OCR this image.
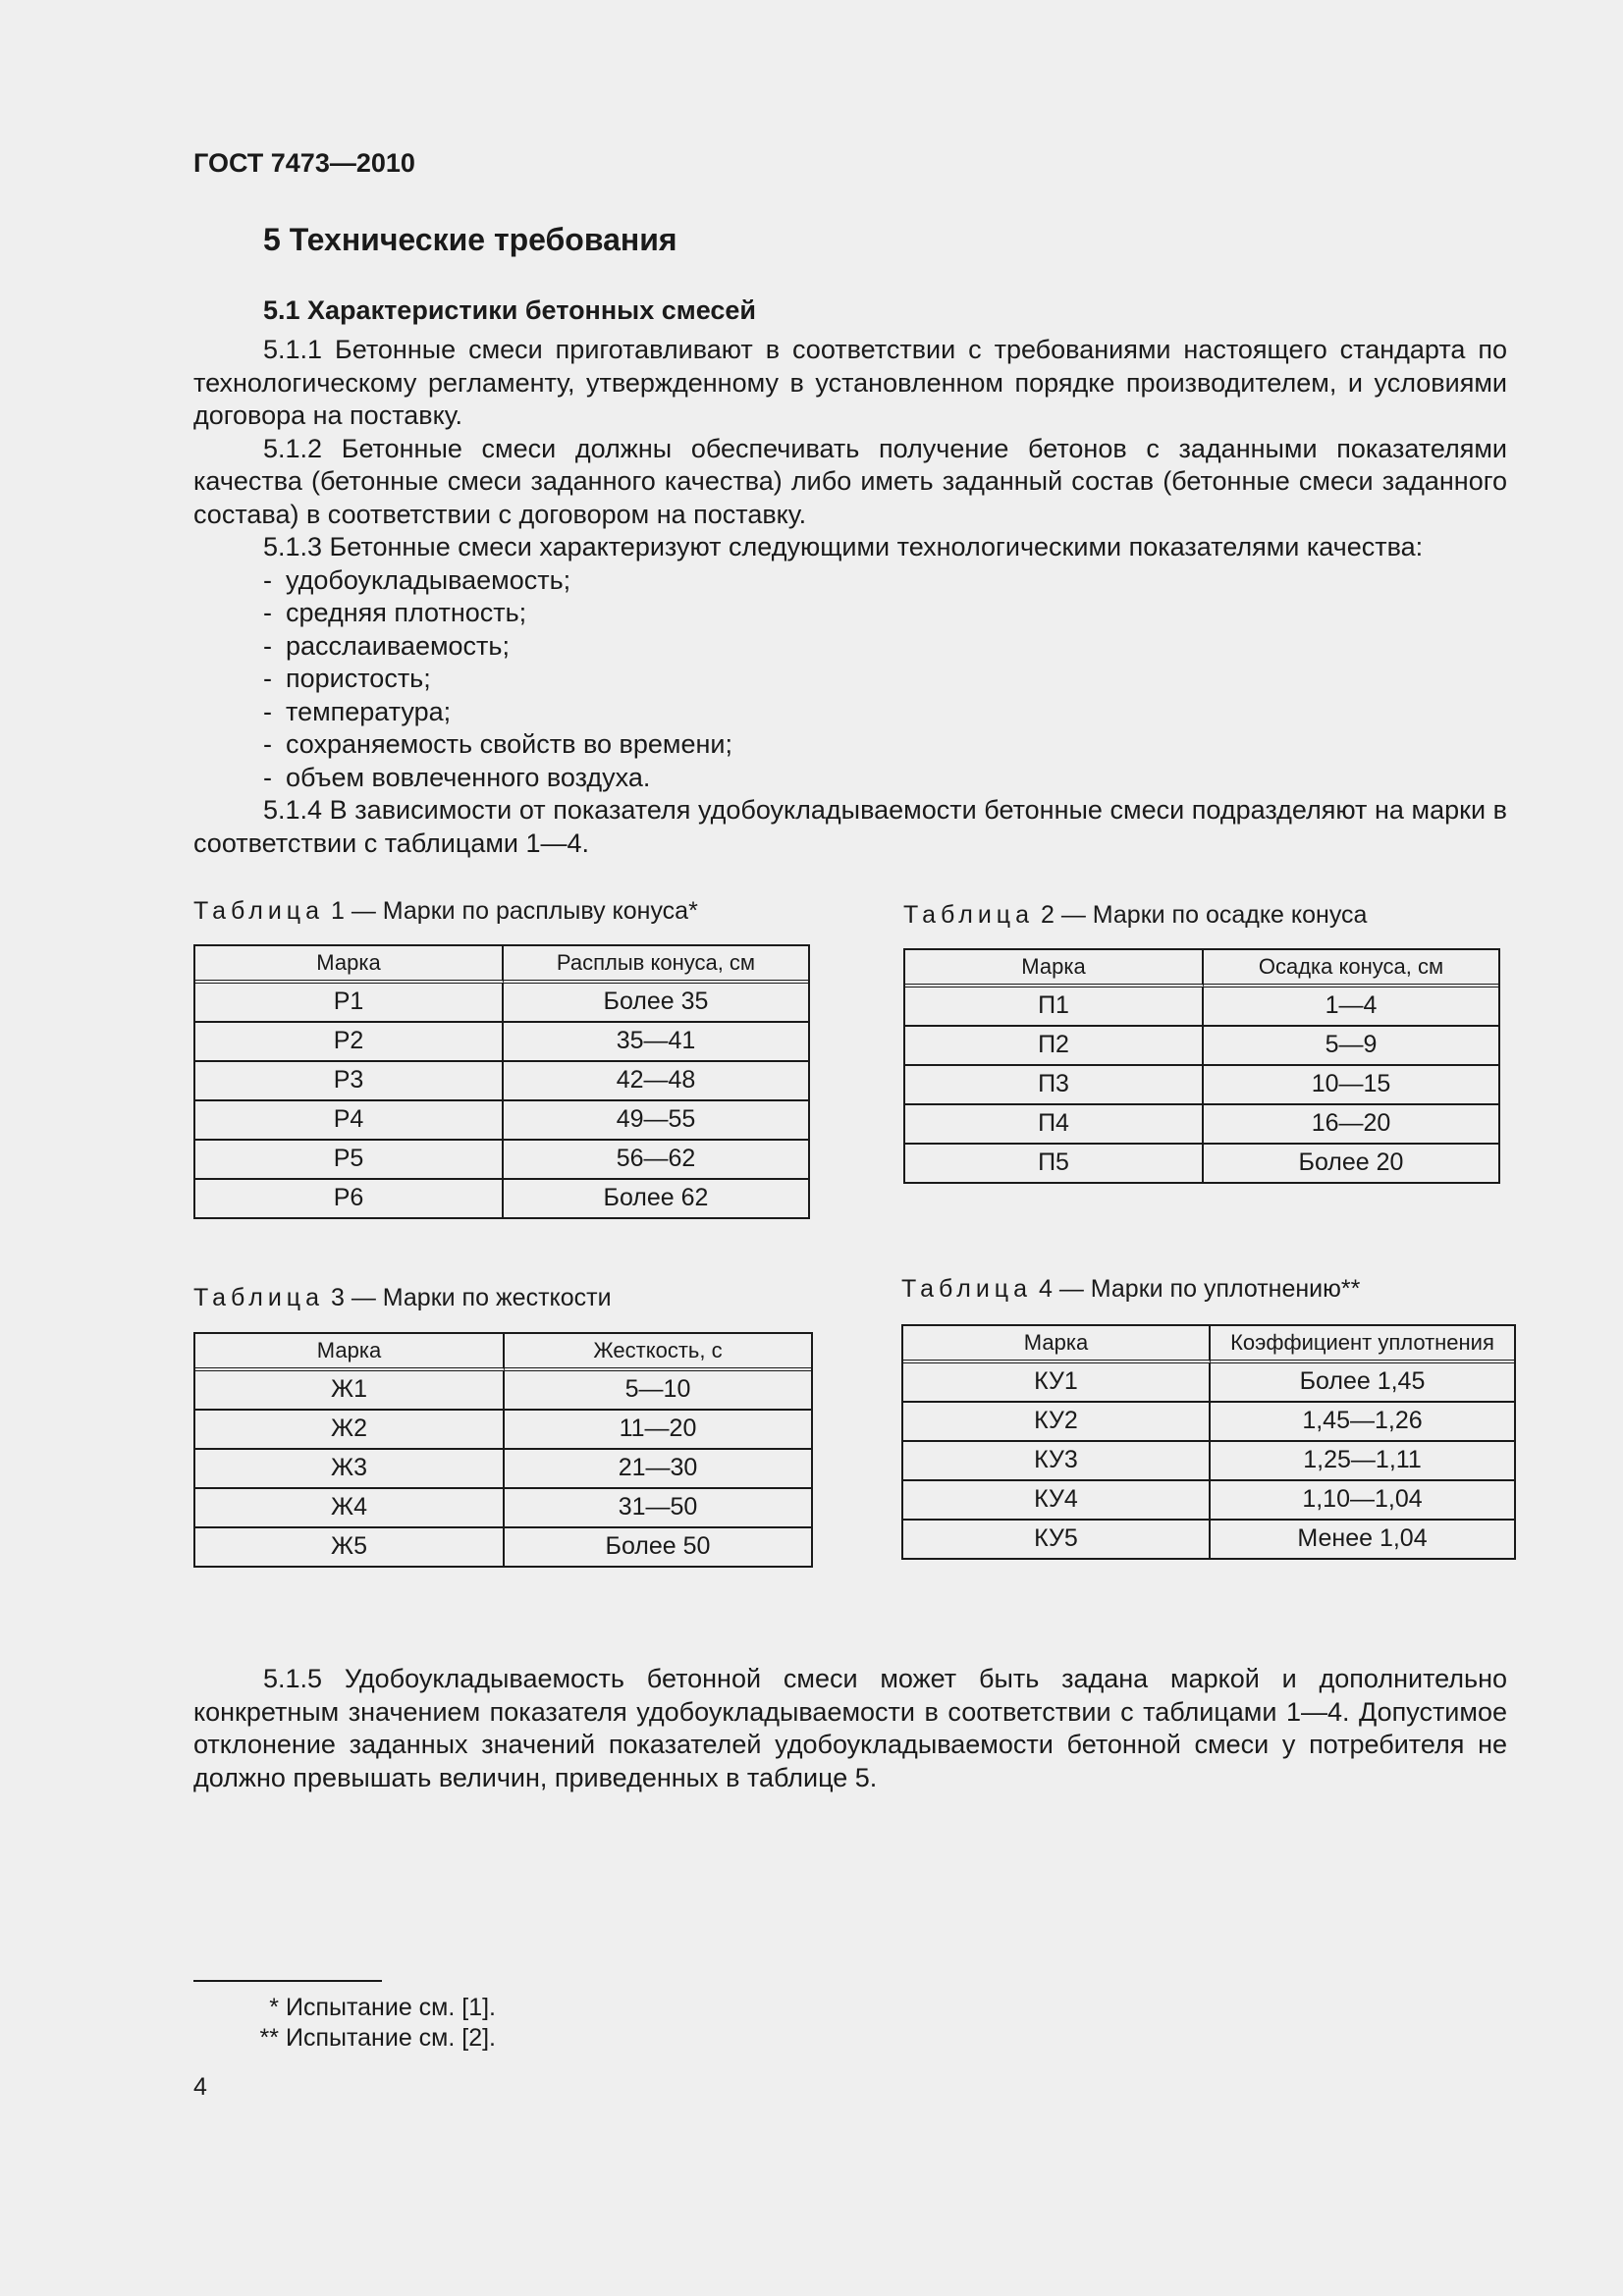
ГОСТ 7473—2010
5 Технические требования
5.1 Характеристики бетонных смесей

5.1.1 Бетонные смеси приготавливают в соответствии с требованиями настоящего стандарта по технологическому регламенту, утвержденному в установленном порядке производителем, и условиями договора на поставку.

5.1.2 Бетонные смеси должны обеспечивать получение бетонов с заданными показателями качества (бетонные смеси заданного качества) либо иметь заданный состав (бетонные смеси заданного состава) в соответствии с договором на поставку.

5.1.3 Бетонные смеси характеризуют следующими технологическими показателями качества:

- удобоукладываемость;
- средняя плотность;
- расслаиваемость;
- пористость;
- температура;
- сохраняемость свойств во времени;
- объем вовлеченного воздуха.

5.1.4 В зависимости от показателя удобоукладываемости бетонные смеси подразделяют на марки в соответствии с таблицами 1—4.

Таблица 1 — Марки по расплыву конуса*
Марка	Расплыв конуса, см
Р1	Более 35
Р2	35—41
Р3	42—48
Р4	49—55
Р5	56—62
Р6	Более 62
Таблица 2 — Марки по осадке конуса
Марка	Осадка конуса, см
П1	1—4
П2	5—9
П3	10—15
П4	16—20
П5	Более 20
Таблица 3 — Марки по жесткости
Марка	Жесткость, с
Ж1	5—10
Ж2	11—20
Ж3	21—30
Ж4	31—50
Ж5	Более 50
Таблица 4 — Марки по уплотнению**
Марка	Коэффициент уплотнения
КУ1	Более 1,45
КУ2	1,45—1,26
КУ3	1,25—1,11
КУ4	1,10—1,04
КУ5	Менее 1,04

5.1.5 Удобоукладываемость бетонной смеси может быть задана маркой и дополнительно конкретным значением показателя удобоукладываемости в соответствии с таблицами 1—4. Допустимое отклонение заданных значений показателей удобоукладываемости бетонной смеси у потребителя не должно превышать величин, приведенных в таблице 5.

* Испытание см. [1].
** Испытание см. [2].
4
